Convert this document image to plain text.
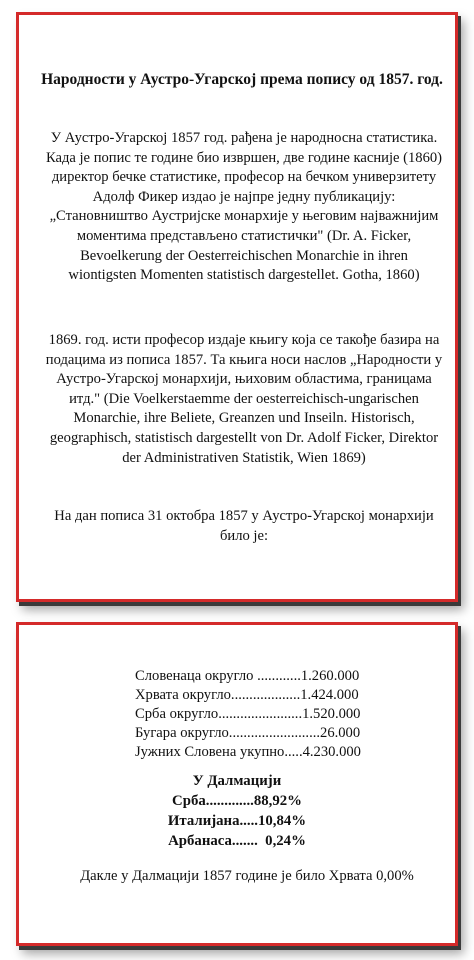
Народности у Аустро-Угарској према попису од 1857. год.
У Аустро-Угарској 1857 год. рађена је народносна статистика. Када је попис те године био извршен, две године касније (1860) директор бечке статистике, професор на бечком универзитету Адолф Фикер издао је најпре једну публикацију: „Становништво Аустријске монархије у његовим најважнијим моментима представљено статистички" (Dr. A. Ficker, Bevoelkerung der Oesterreichischen Monarchie in ihren wiontigsten Momenten statistisch dargestellet. Gotha, 1860)
1869. год. исти професор издаје књигу која се такође базира на подацима из пописа 1857. Та књига носи наслов „Народности у Аустро-Угарској монархији, њиховим областима, границама итд." (Die Voelkerstaemme der oesterreichisch-ungarischen Monarchie, ihre Beliete, Greanzen und Inseiln. Historisch, geographisch, statistisch dargestellt von Dr. Adolf Ficker, Direktor der Administrativen Statistik, Wien 1869)
На дан пописа 31 октобра 1857 у Аустро-Угарској монархији било је:
Словенаца округло ............1.260.000
Хрвата округло...................1.424.000
Срба округло.......................1.520.000
Бугара округло.........................26.000
Јужних Словена укупно.....4.230.000
У Далмацији
Срба.............88,92%
Италијана.....10,84%
Арбанаса.......  0,24%
Дакле у Далмацији 1857 године је било Хрвата 0,00%
